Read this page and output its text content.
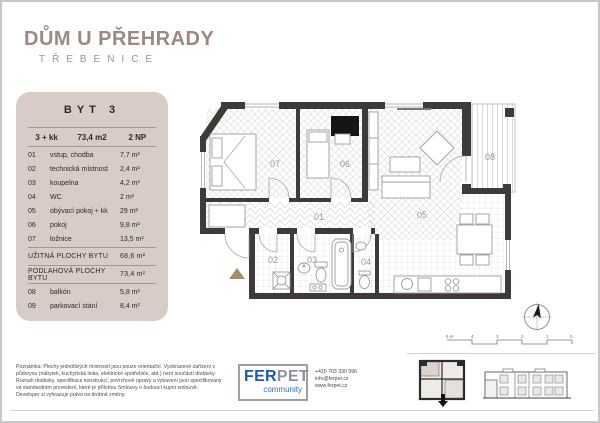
DŮM U PŘEHRADY
TŘEBENICE
BYT 3
3 + kk	73,4 m2	2 NP
01	vstup, chodba	7,7 m²
02	technická místnost	2,4 m²
03	koupelna	4,2 m²
04	WC	2 m²
05	obývací pokoj + kk	29 m²
06	pokoj	9,8 m²
07	ložnice	13,5 m²
UŽITNÁ PLOCHY BYTU	68,6 m²
PODLAHOVÁ PLOCHY BYTU	73,4 m²
08	balkón	5,8 m²
09	parkovací stání	8,4 m²
01
02	03	04
05
06
07
08
Poznámka: Plochy jednotlivých místností jsou pouze orientační. Vyobrazené zařízení v
půdorysu (nábytek, kuchyňská linka, elektrické spotřebiče, atd.) není součástí dodávky.
Rozsah dodávky, specifikace konstrukcí, povrchové úpravy a vybavení jsou specifikovány
ve standardním provedení, které je přílohou Smlouvy o budoucí kupní smlouvě.
Developer si vyhrazuje právo na drobné změny.
FERPET
community
+420 703 330 996
info@ferpet.cz
www.ferpet.cz
5 m	4	3	2	1	0
